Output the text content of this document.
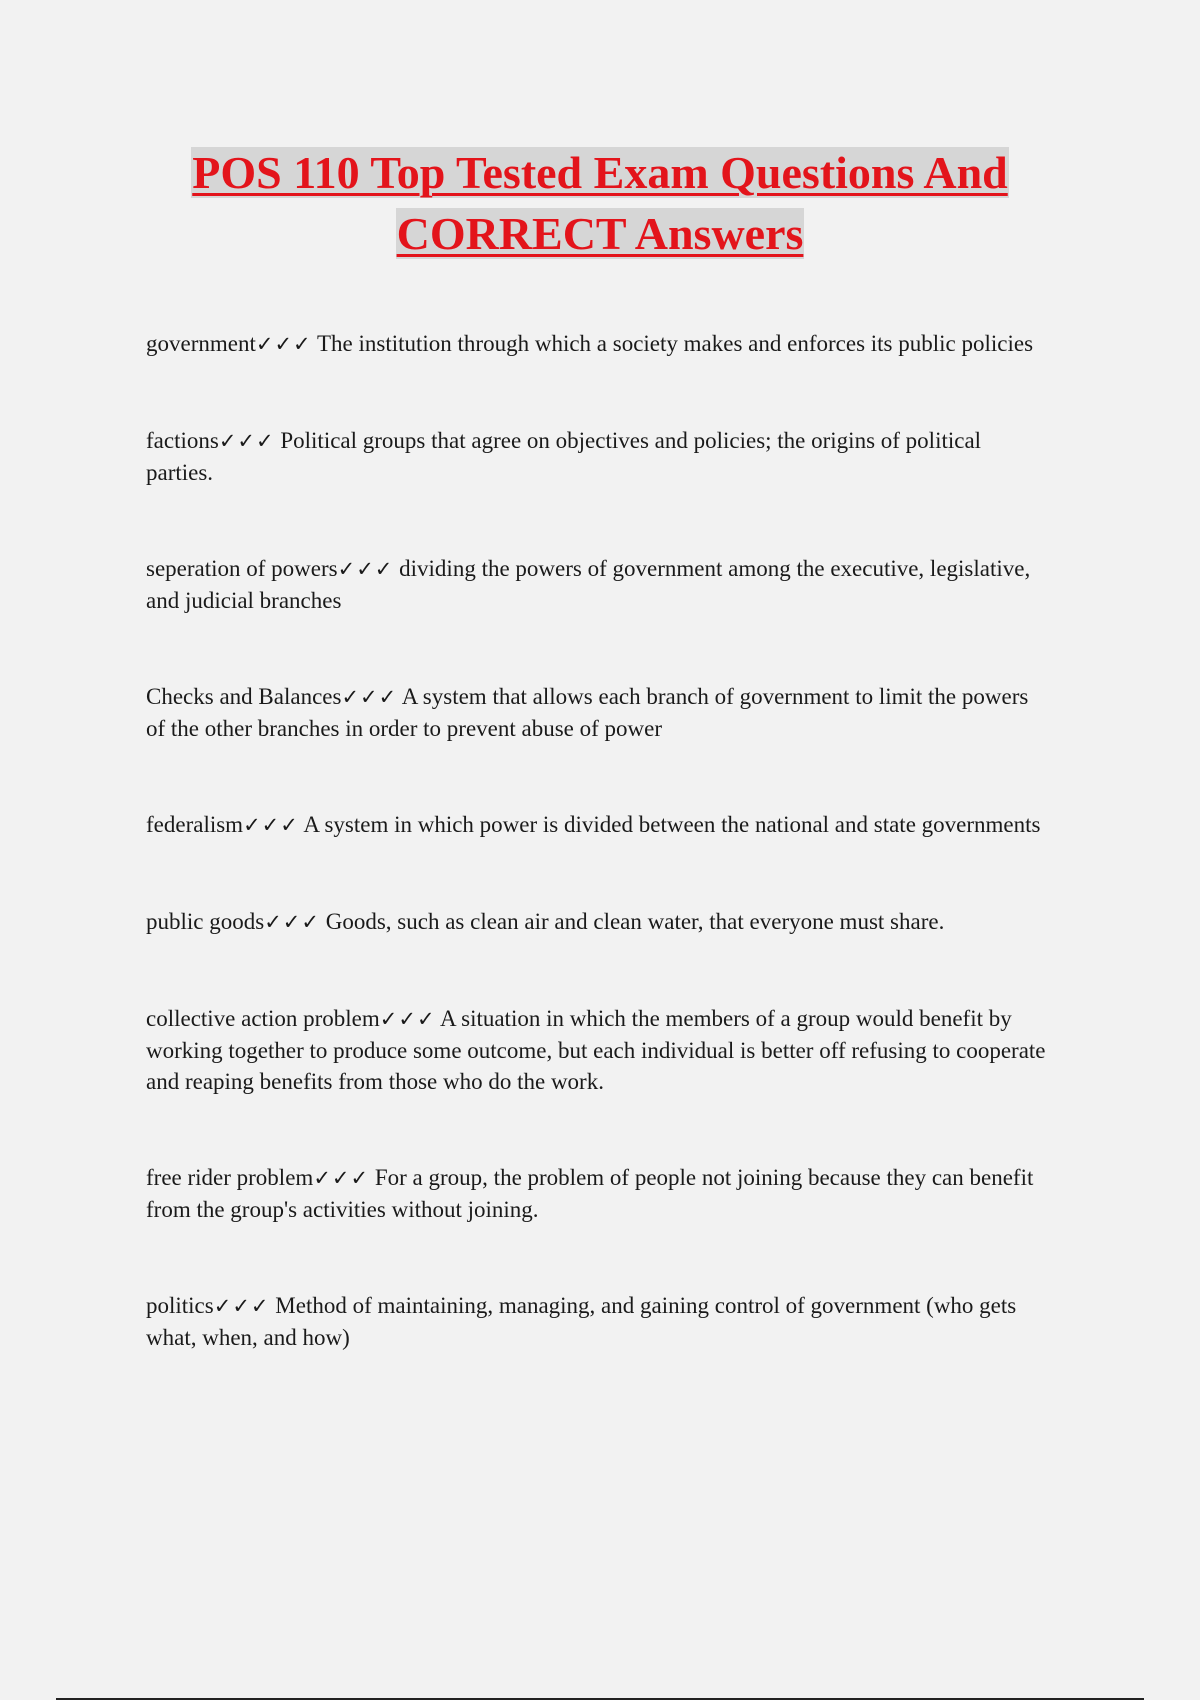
POS 110 Top Tested Exam Questions And
CORRECT Answers

government✓✓✓ The institution through which a society makes and enforces its public policies

factions✓✓✓ Political groups that agree on objectives and policies; the origins of political parties.

seperation of powers✓✓✓ dividing the powers of government among the executive, legislative, and judicial branches

Checks and Balances✓✓✓ A system that allows each branch of government to limit the powers of the other branches in order to prevent abuse of power

federalism✓✓✓ A system in which power is divided between the national and state governments

public goods✓✓✓ Goods, such as clean air and clean water, that everyone must share.

collective action problem✓✓✓ A situation in which the members of a group would benefit by working together to produce some outcome, but each individual is better off refusing to cooperate and reaping benefits from those who do the work.

free rider problem✓✓✓ For a group, the problem of people not joining because they can benefit from the group's activities without joining.

politics✓✓✓ Method of maintaining, managing, and gaining control of government (who gets what, when, and how)
